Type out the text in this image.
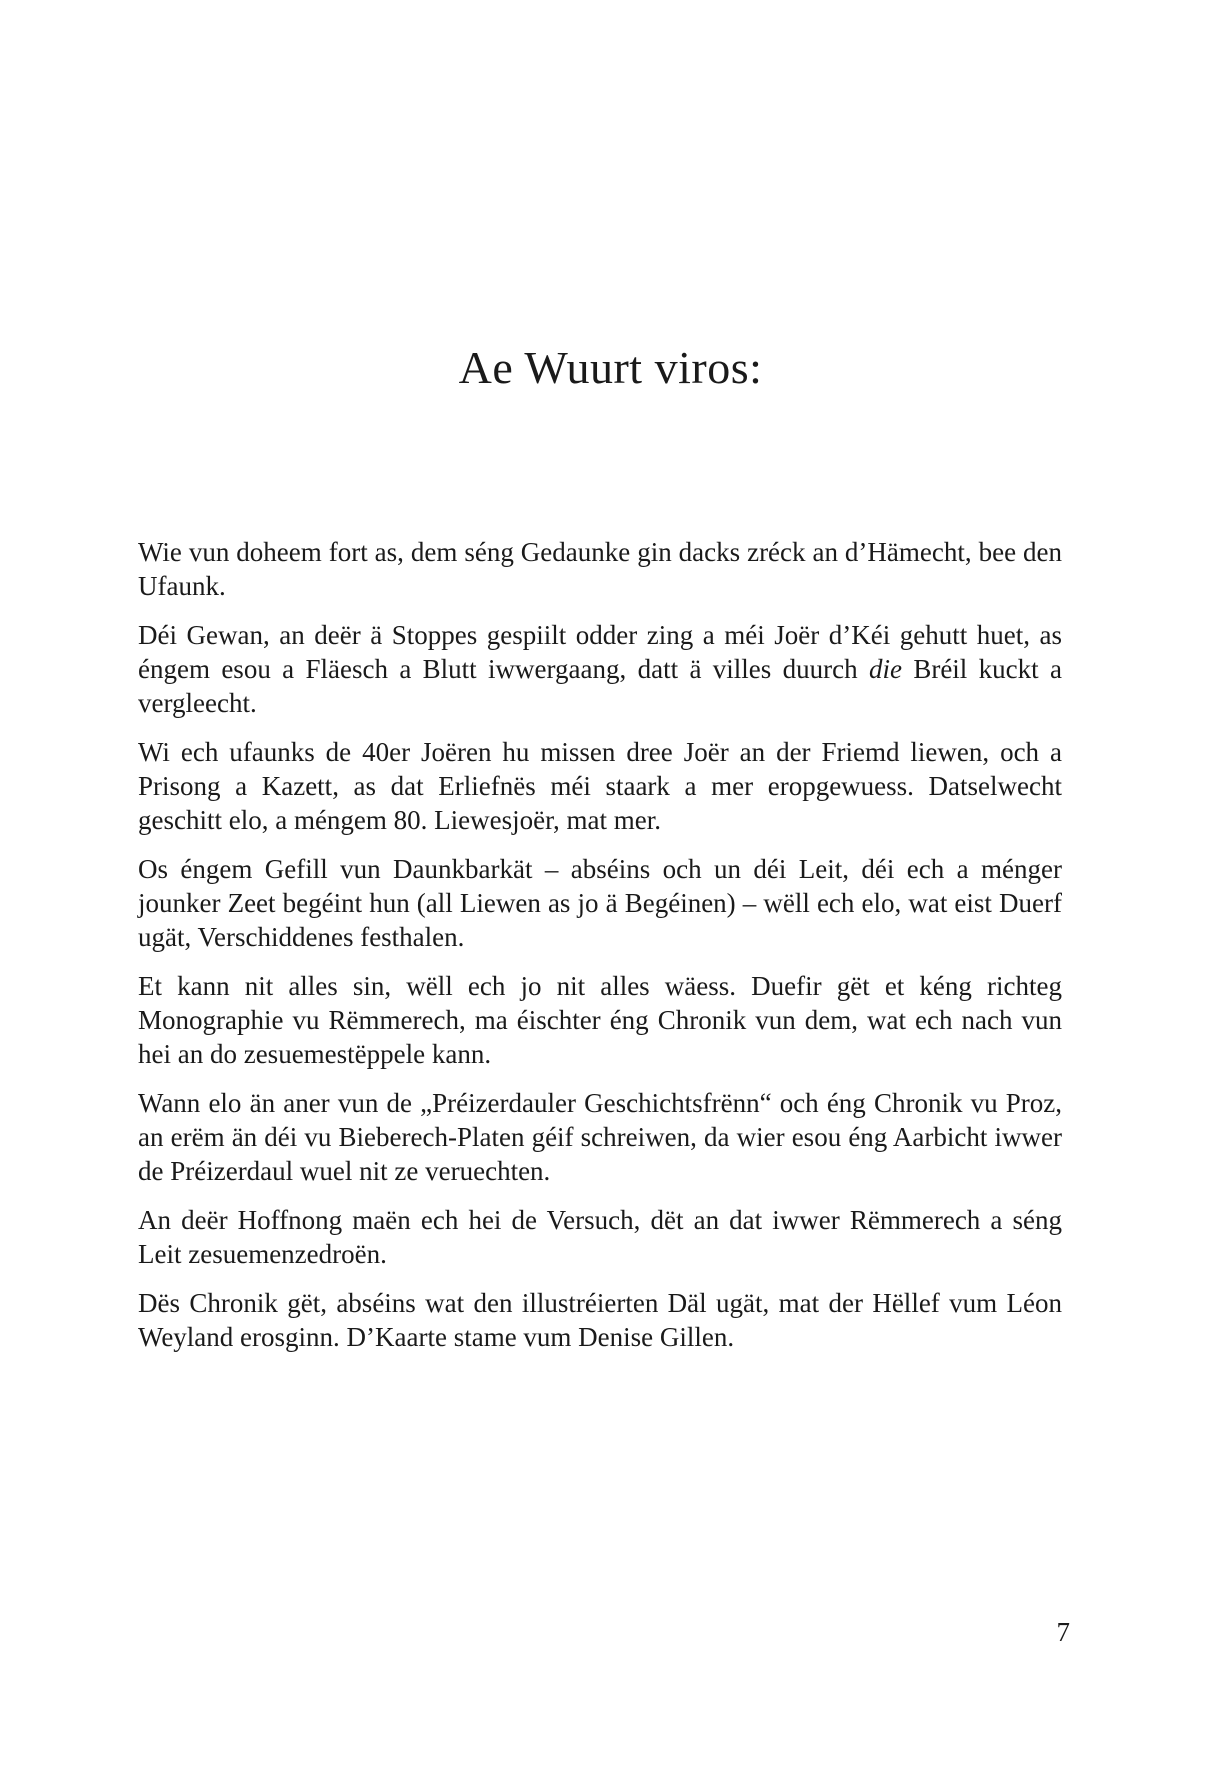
Ae Wuurt viros:

Wie vun doheem fort as, dem séng Gedaunke gin dacks zréck an d’Hämecht, bee den Ufaunk.

Déi Gewan, an deër ä Stoppes gespiilt odder zing a méi Joër d’Kéi gehutt huet, as éngem esou a Fläesch a Blutt iwwergaang, datt ä villes duurch die Bréil kuckt a vergleecht.

Wi ech ufaunks de 40er Joëren hu missen dree Joër an der Friemd liewen, och a Prisong a Kazett, as dat Erliefnës méi staark a mer eropgewuess. Datselwecht geschitt elo, a méngem 80. Liewesjoër, mat mer.

Os éngem Gefill vun Daunkbarkät – abséins och un déi Leit, déi ech a ménger jounker Zeet begéint hun (all Liewen as jo ä Begéinen) – wëll ech elo, wat eist Duerf ugät, Verschiddenes festhalen.

Et kann nit alles sin, wëll ech jo nit alles wäess. Duefir gët et kéng richteg Monographie vu Rëmmerech, ma éischter éng Chronik vun dem, wat ech nach vun hei an do zesuemestëppele kann.

Wann elo än aner vun de „Préizerdauler Geschichtsfrënn“ och éng Chronik vu Proz, an erëm än déi vu Bieberech-Platen géif schreiwen, da wier esou éng Aarbicht iwwer de Préizerdaul wuel nit ze veruechten.

An deër Hoffnong maën ech hei de Versuch, dët an dat iwwer Rëmmerech a séng Leit zesuemenzedroën.

Dës Chronik gët, abséins wat den illustréierten Däl ugät, mat der Hëllef vum Léon Weyland erosginn. D’Kaarte stame vum Denise Gillen.

7
